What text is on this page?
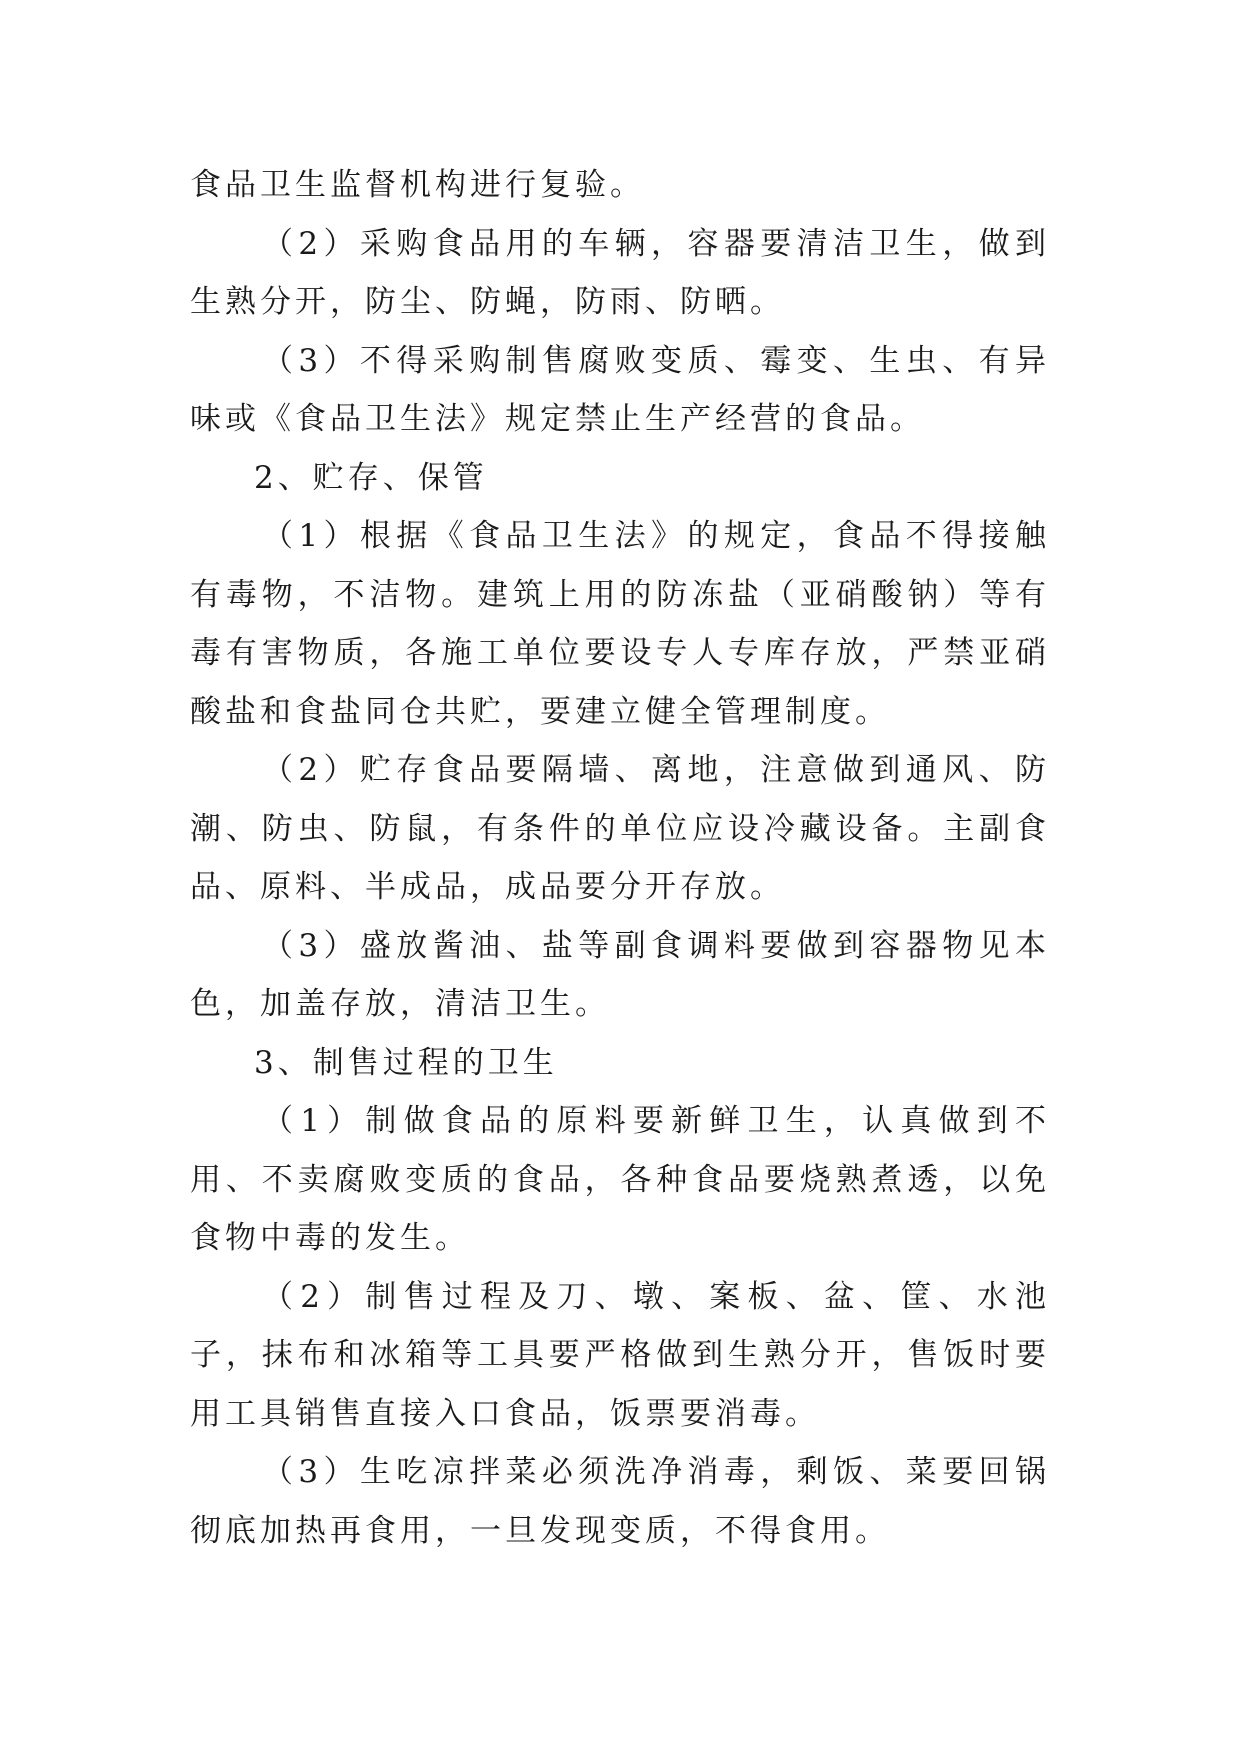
食品卫生监督机构进行复验。

（2）采购食品用的车辆，容器要清洁卫生，做到生熟分开，防尘、防蝇，防雨、防晒。

（3）不得采购制售腐败变质、霉变、生虫、有异味或《食品卫生法》规定禁止生产经营的食品。

2、贮存、保管

（1）根据《食品卫生法》的规定，食品不得接触有毒物，不洁物。建筑上用的防冻盐（亚硝酸钠）等有毒有害物质，各施工单位要设专人专库存放，严禁亚硝酸盐和食盐同仓共贮，要建立健全管理制度。

（2）贮存食品要隔墙、离地，注意做到通风、防潮、防虫、防鼠，有条件的单位应设冷藏设备。主副食品、原料、半成品，成品要分开存放。

（3）盛放酱油、盐等副食调料要做到容器物见本色，加盖存放，清洁卫生。

3、制售过程的卫生

（1）制做食品的原料要新鲜卫生，认真做到不用、不卖腐败变质的食品，各种食品要烧熟煮透，以免食物中毒的发生。

（2）制售过程及刀、墩、案板、盆、筐、水池子，抹布和冰箱等工具要严格做到生熟分开，售饭时要用工具销售直接入口食品，饭票要消毒。

（3）生吃凉拌菜必须洗净消毒，剩饭、菜要回锅彻底加热再食用，一旦发现变质，不得食用。
